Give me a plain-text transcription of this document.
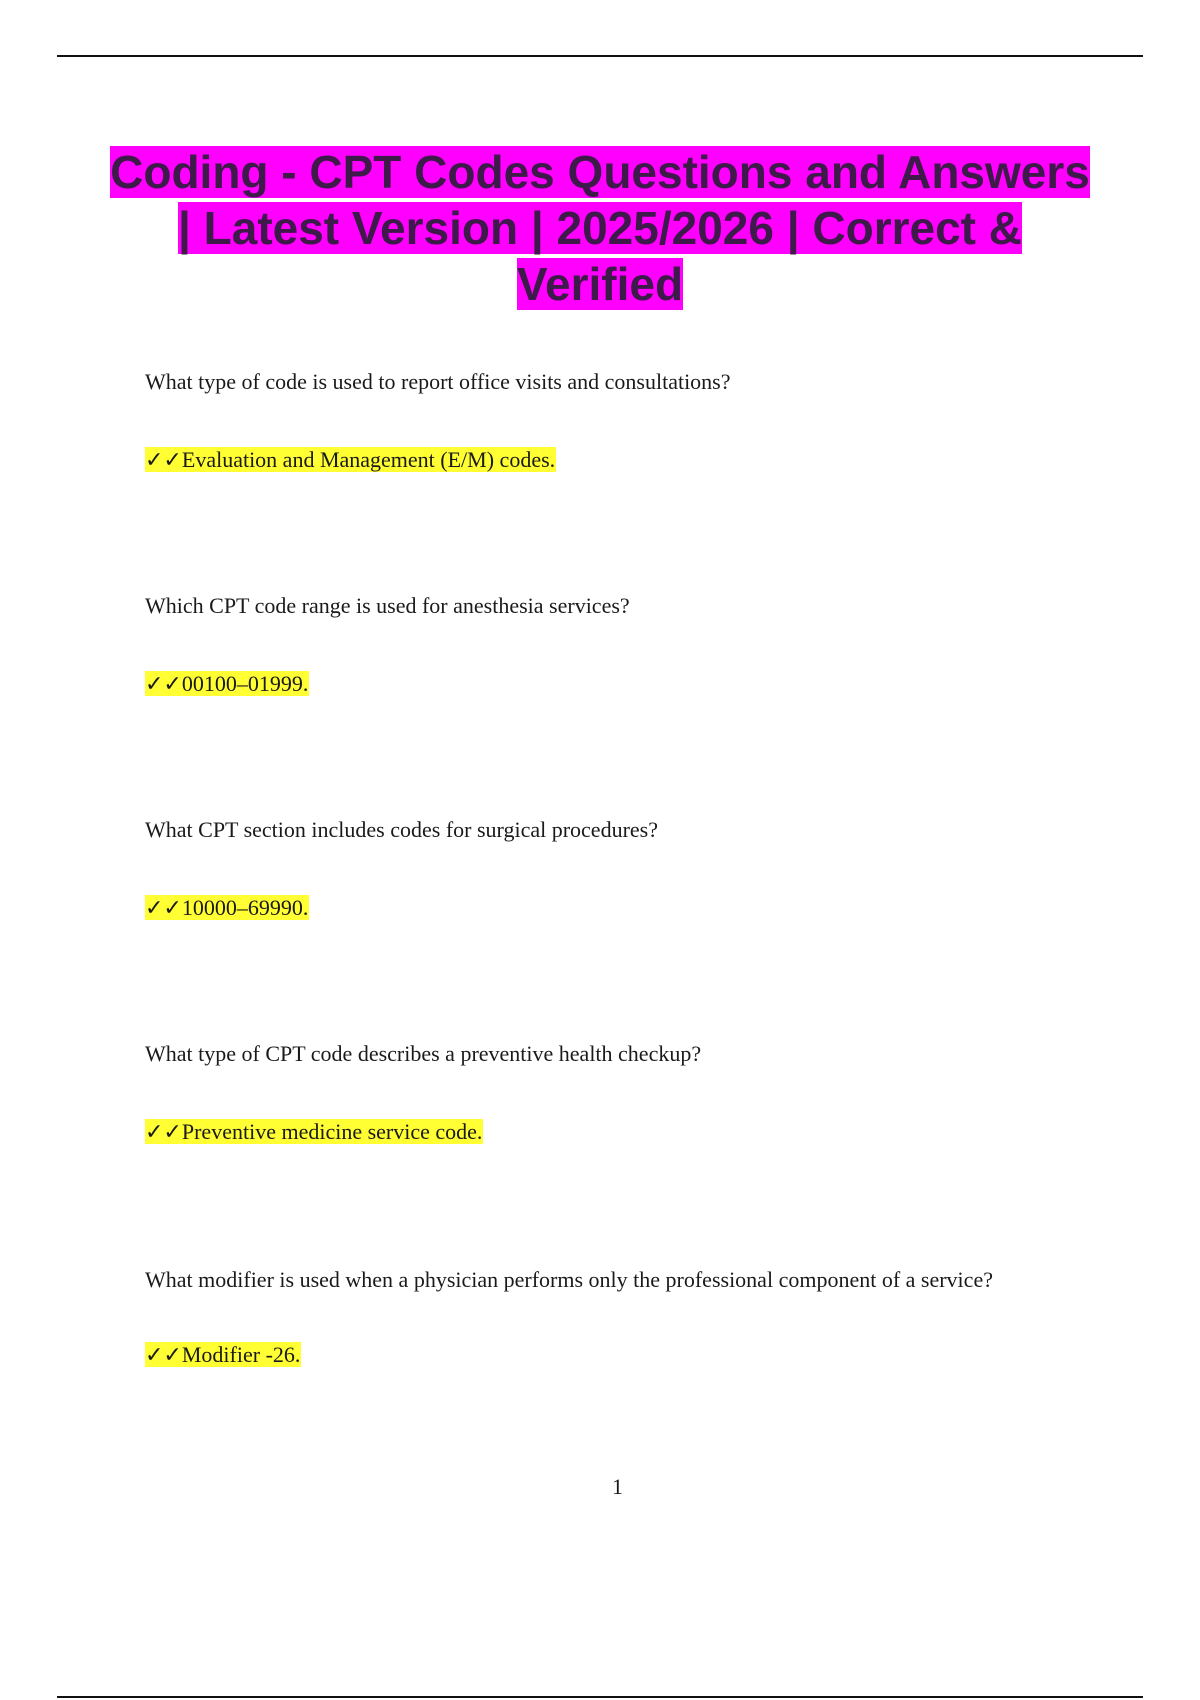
Coding - CPT Codes Questions and Answers | Latest Version | 2025/2026 | Correct & Verified

What type of code is used to report office visits and consultations?

✓✓Evaluation and Management (E/M) codes.

Which CPT code range is used for anesthesia services?

✓✓00100–01999.

What CPT section includes codes for surgical procedures?

✓✓10000–69990.

What type of CPT code describes a preventive health checkup?

✓✓Preventive medicine service code.

What modifier is used when a physician performs only the professional component of a service?

✓✓Modifier -26.

1
